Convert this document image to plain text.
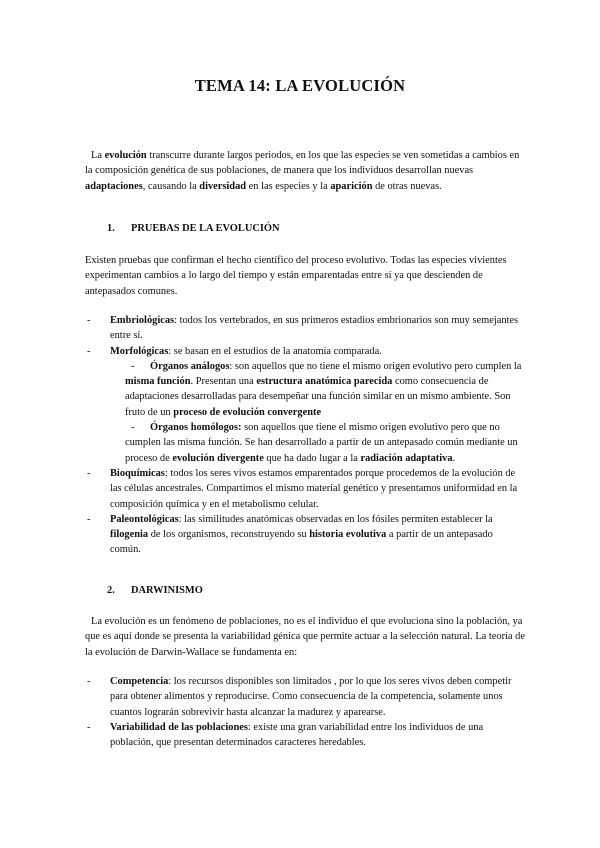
TEMA 14: LA EVOLUCIÓN
La evolución transcurre durante largos periodos, en los que las especies se ven sometidas a cambios en la composición genética de sus poblaciones, de manera que los individuos desarrollan nuevas adaptaciones, causando la diversidad en las especies y la aparición de otras nuevas.
1. PRUEBAS DE LA EVOLUCIÓN
Existen pruebas que confirman el hecho científico del proceso evolutivo. Todas las especies vivientes experimentan cambios a lo largo del tiempo y están emparentadas entre sí ya que descienden de antepasados comunes.
- Embriológicas: todos los vertebrados, en sus primeros estadios embrionarios son muy semejantes entre sí.
- Morfológicas: se basan en el estudios de la anatomía comparada.
- Órganos análogos: son aquellos que no tiene el mismo origen evolutivo pero cumplen la misma función. Presentan una estructura anatómica parecida como consecuencia de adaptaciones desarrolladas para desempeñar una función similar en un mismo ambiente. Son fruto de un proceso de evolución convergente
- Órganos homólogos: son aquellos que tiene el mismo origen evolutivo pero que no cumplen las misma función. Se han desarrollado a partir de un antepasado común mediante un proceso de evolución divergente que ha dado lugar a la radiación adaptativa.
- Bioquímicas: todos los seres vivos estamos emparentados porque procedemos de la evolución de las células ancestrales. Compartimos el mismo material genético y presentamos uniformidad en la composición química y en el metabolismo celular.
- Paleontológicas: las similitudes anatómicas observadas en los fósiles permiten establecer la filogenia de los organismos, reconstruyendo su historia evolutiva a partir de un antepasado común.
2. DARWINISMO
La evolución es un fenómeno de poblaciones, no es el individuo el que evoluciona sino la población, ya que es aquí donde se presenta la variabilidad génica que permite actuar a la selección natural. La teoría de la evolución de Darwin-Wallace se fundamenta en:
- Competencia: los recursos disponibles son limitados , por lo que los seres vivos deben competir para obtener alimentos y reproducirse. Como consecuencia de la competencia, solamente unos cuantos lograrán sobrevivir hasta alcanzar la madurez y aparearse.
- Variabilidad de las poblaciones: existe una gran variabilidad entre los individuos de una población, que presentan determinados caracteres heredables.
